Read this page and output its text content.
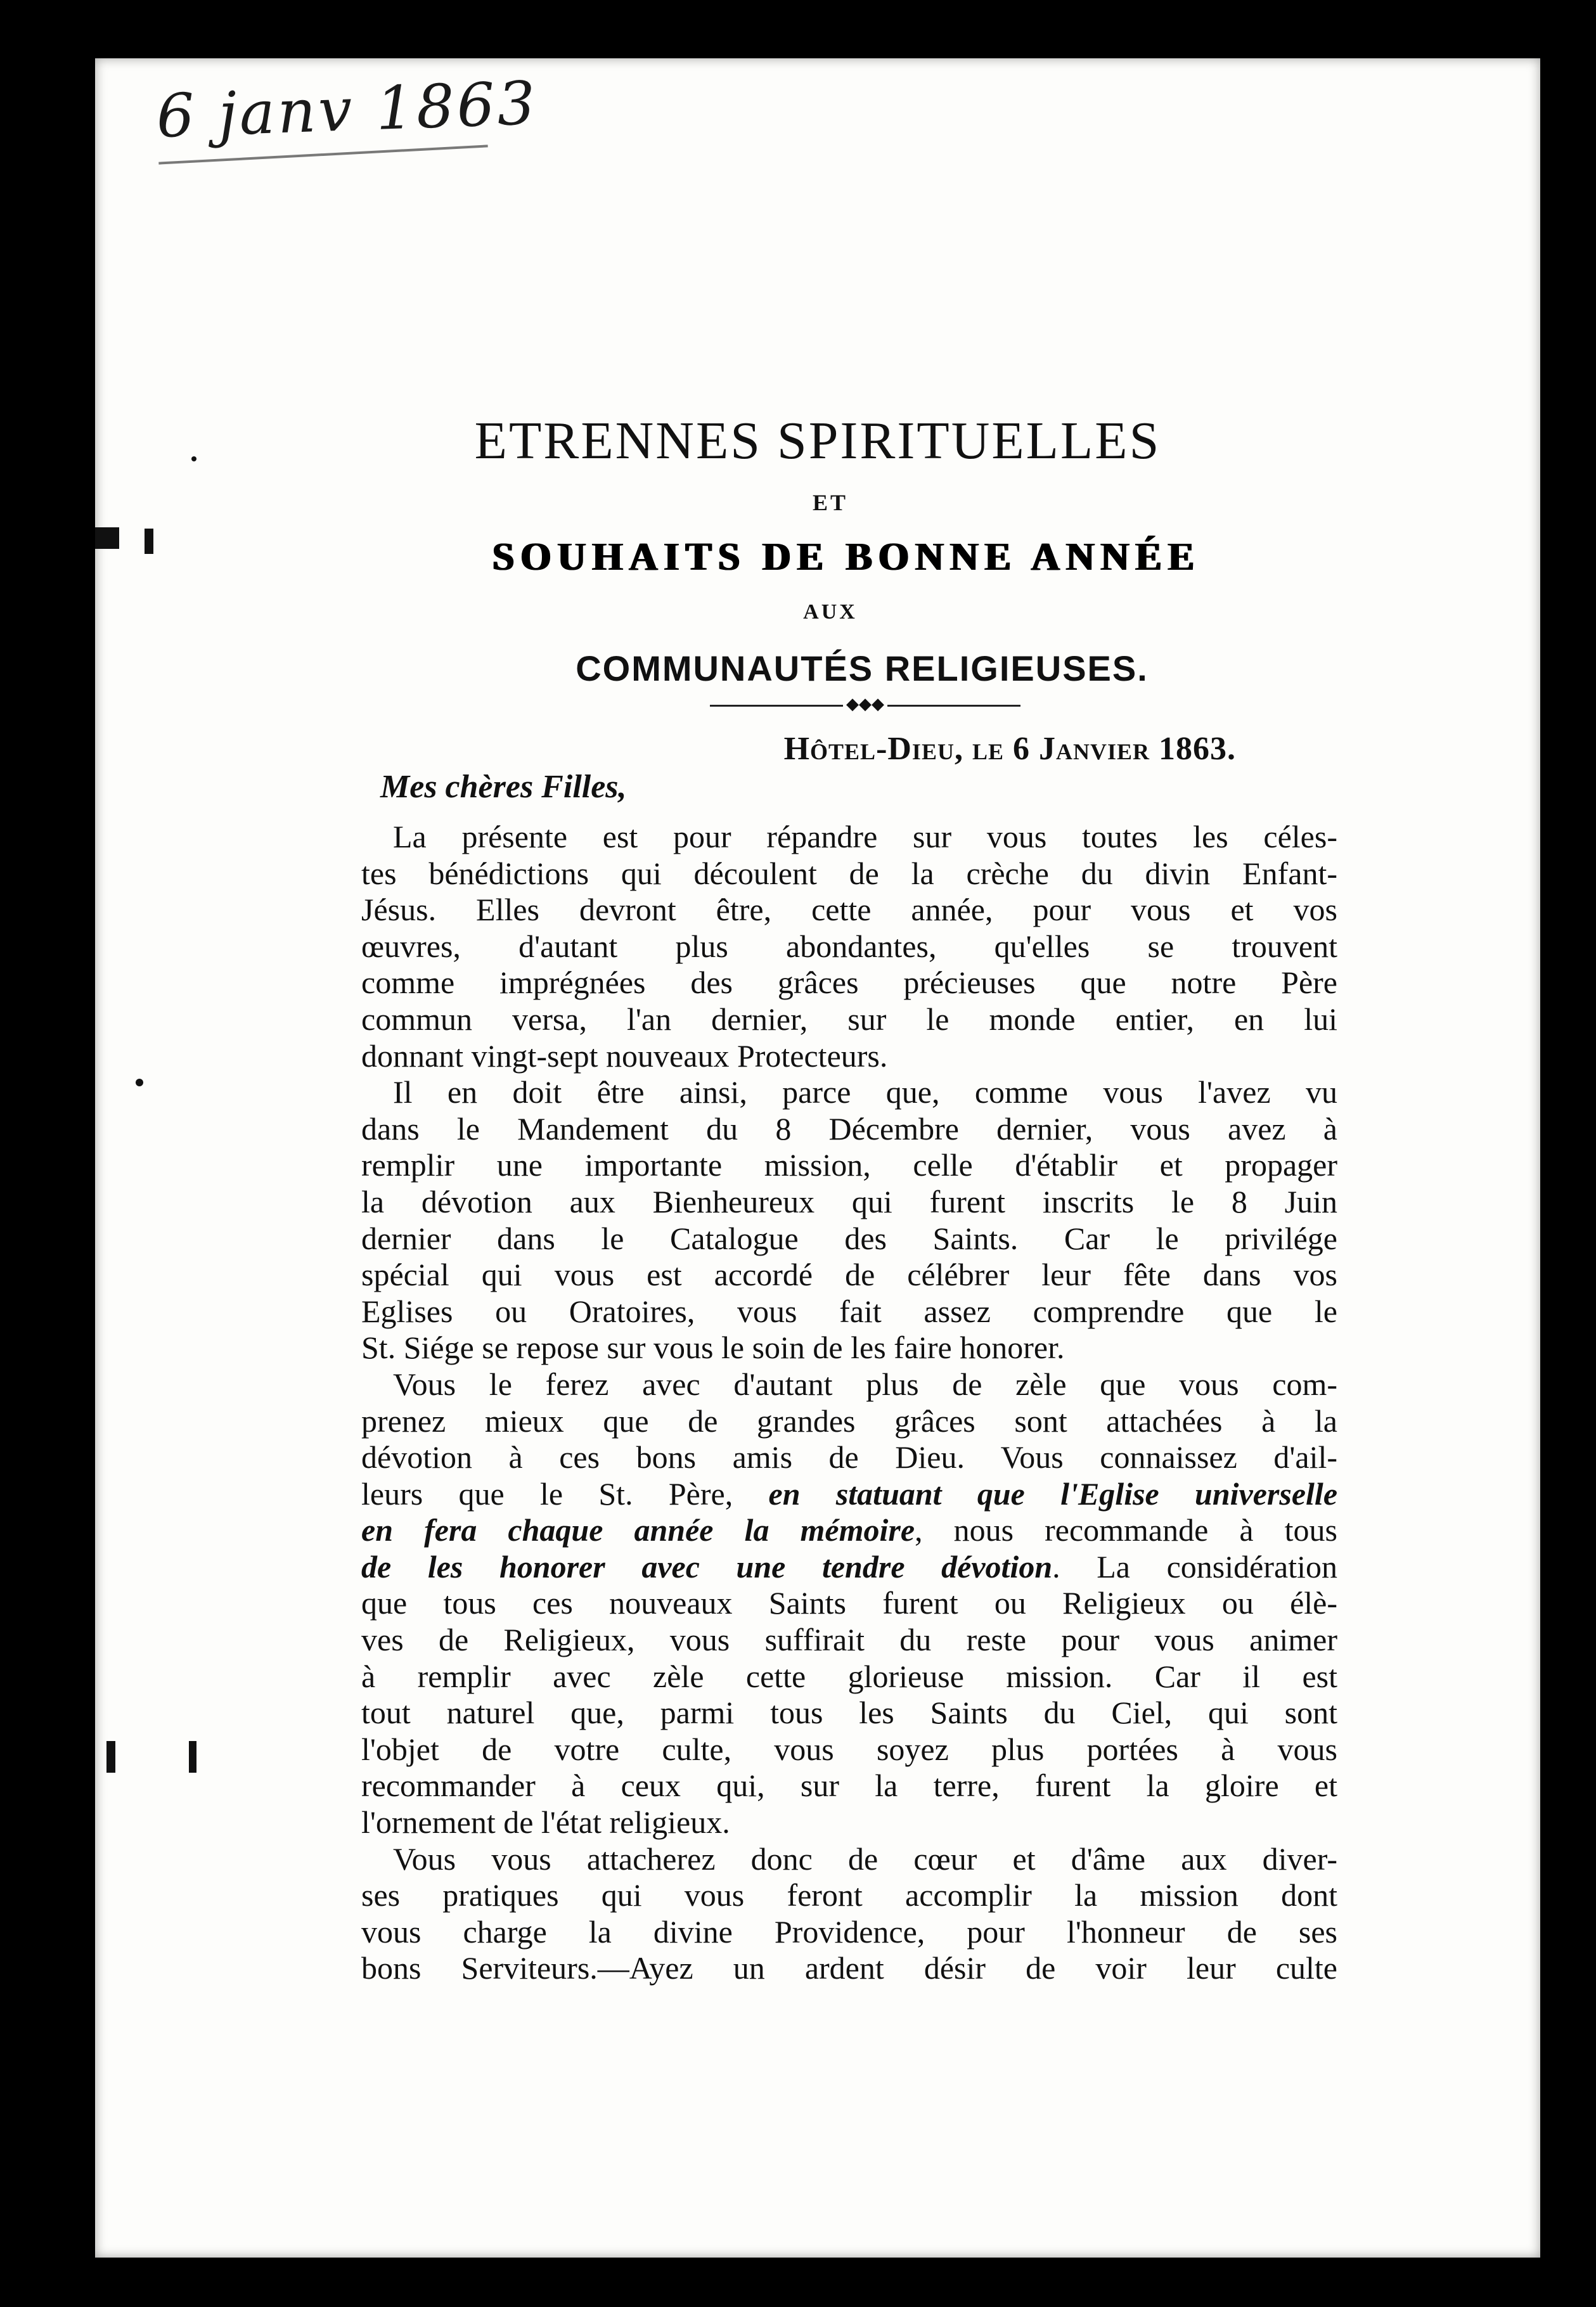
6 janv 1863
ETRENNES SPIRITUELLES
ET
SOUHAITS DE BONNE ANNÉE
AUX
COMMUNAUTÉS RELIGIEUSES.
◆◆◆
Hôtel-Dieu, le 6 Janvier 1863.
Mes chères Filles,
La présente est pour répandre sur vous toutes les céles-
tes bénédictions qui découlent de la crèche du divin Enfant-
Jésus. Elles devront être, cette année, pour vous et vos
œuvres, d'autant plus abondantes, qu'elles se trouvent
comme imprégnées des grâces précieuses que notre Père
commun versa, l'an dernier, sur le monde entier, en lui
donnant vingt-sept nouveaux Protecteurs.
Il en doit être ainsi, parce que, comme vous l'avez vu
dans le Mandement du 8 Décembre dernier, vous avez à
remplir une importante mission, celle d'établir et propager
la dévotion aux Bienheureux qui furent inscrits le 8 Juin
dernier dans le Catalogue des Saints. Car le privilége
spécial qui vous est accordé de célébrer leur fête dans vos
Eglises ou Oratoires, vous fait assez comprendre que le
St. Siége se repose sur vous le soin de les faire honorer.
Vous le ferez avec d'autant plus de zèle que vous com-
prenez mieux que de grandes grâces sont attachées à la
dévotion à ces bons amis de Dieu. Vous connaissez d'ail-
leurs que le St. Père, en statuant que l'Eglise universelle
en fera chaque année la mémoire, nous recommande à tous
de les honorer avec une tendre dévotion. La considération
que tous ces nouveaux Saints furent ou Religieux ou élè-
ves de Religieux, vous suffirait du reste pour vous animer
à remplir avec zèle cette glorieuse mission. Car il est
tout naturel que, parmi tous les Saints du Ciel, qui sont
l'objet de votre culte, vous soyez plus portées à vous
recommander à ceux qui, sur la terre, furent la gloire et
l'ornement de l'état religieux.
Vous vous attacherez donc de cœur et d'âme aux diver-
ses pratiques qui vous feront accomplir la mission dont
vous charge la divine Providence, pour l'honneur de ses
bons Serviteurs.—Ayez un ardent désir de voir leur culte
